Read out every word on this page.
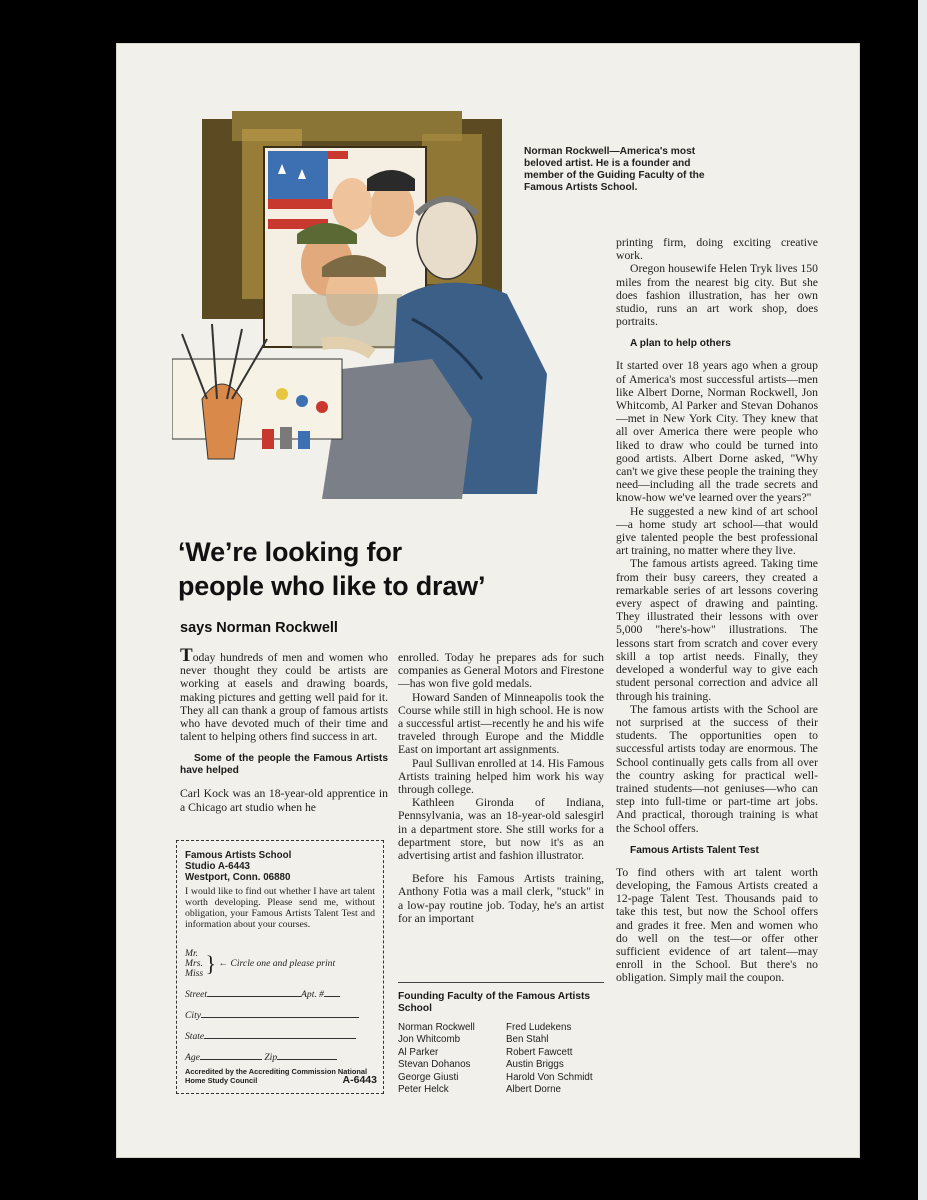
Norman Rockwell—America's most beloved artist. He is a founder and member of the Guiding Faculty of the Famous Artists School.

‘We’re looking for
people who like to draw’

says Norman Rockwell

Today hundreds of men and women who never thought they could be artists are working at easels and drawing boards, making pictures and getting well paid for it. They all can thank a group of famous artists who have devoted much of their time and talent to helping others find success in art.

Some of the people the Famous Artists have helped

Carl Kock was an 18-year-old apprentice in a Chicago art studio when he

Famous Artists School

Studio A-6443

Westport, Conn. 06880

I would like to find out whether I have art talent worth developing. Please send me, without obligation, your Famous Artists Talent Test and information about your courses.

Mr.
Mrs.
Miss } ← Circle one and please print
Street	Apt. #
City
State
Age	Zip
Accredited by the Accrediting Commission National Home Study Council	A-6443

enrolled. Today he prepares ads for such companies as General Motors and Firestone—has won five gold medals.

Howard Sanden of Minneapolis took the Course while still in high school. He is now a successful artist—recently he and his wife traveled through Europe and the Middle East on important art assignments.

Paul Sullivan enrolled at 14. His Famous Artists training helped him work his way through college.

Kathleen Gironda of Indiana, Pennsylvania, was an 18-year-old salesgirl in a department store. She still works for a department store, but now it's as an advertising artist and fashion illustrator.

Before his Famous Artists training, Anthony Fotia was a mail clerk, "stuck" in a low-pay routine job. Today, he's an artist for an important

Founding Faculty of the Famous Artists School

Norman Rockwell	Fred Ludekens
Jon Whitcomb	Ben Stahl
Al Parker	Robert Fawcett
Stevan Dohanos	Austin Briggs
George Giusti	Harold Von Schmidt
Peter Helck	Albert Dorne

printing firm, doing exciting creative work.

Oregon housewife Helen Tryk lives 150 miles from the nearest big city. But she does fashion illustration, has her own studio, runs an art work shop, does portraits.

A plan to help others

It started over 18 years ago when a group of America's most successful artists—men like Albert Dorne, Norman Rockwell, Jon Whitcomb, Al Parker and Stevan Dohanos—met in New York City. They knew that all over America there were people who liked to draw who could be turned into good artists. Albert Dorne asked, "Why can't we give these people the training they need—including all the trade secrets and know-how we've learned over the years?"

He suggested a new kind of art school—a home study art school—that would give talented people the best professional art training, no matter where they live.

The famous artists agreed. Taking time from their busy careers, they created a remarkable series of art lessons covering every aspect of drawing and painting. They illustrated their lessons with over 5,000 "here's-how" illustrations. The lessons start from scratch and cover every skill a top artist needs. Finally, they developed a wonderful way to give each student personal correction and advice all through his training.

The famous artists with the School are not surprised at the success of their students. The opportunities open to successful artists today are enormous. The School continually gets calls from all over the country asking for practical well-trained students—not geniuses—who can step into full-time or part-time art jobs. And practical, thorough training is what the School offers.

Famous Artists Talent Test

To find others with art talent worth developing, the Famous Artists created a 12-page Talent Test. Thousands paid to take this test, but now the School offers and grades it free. Men and women who do well on the test—or offer other sufficient evidence of art talent—may enroll in the School. But there's no obligation. Simply mail the coupon.
